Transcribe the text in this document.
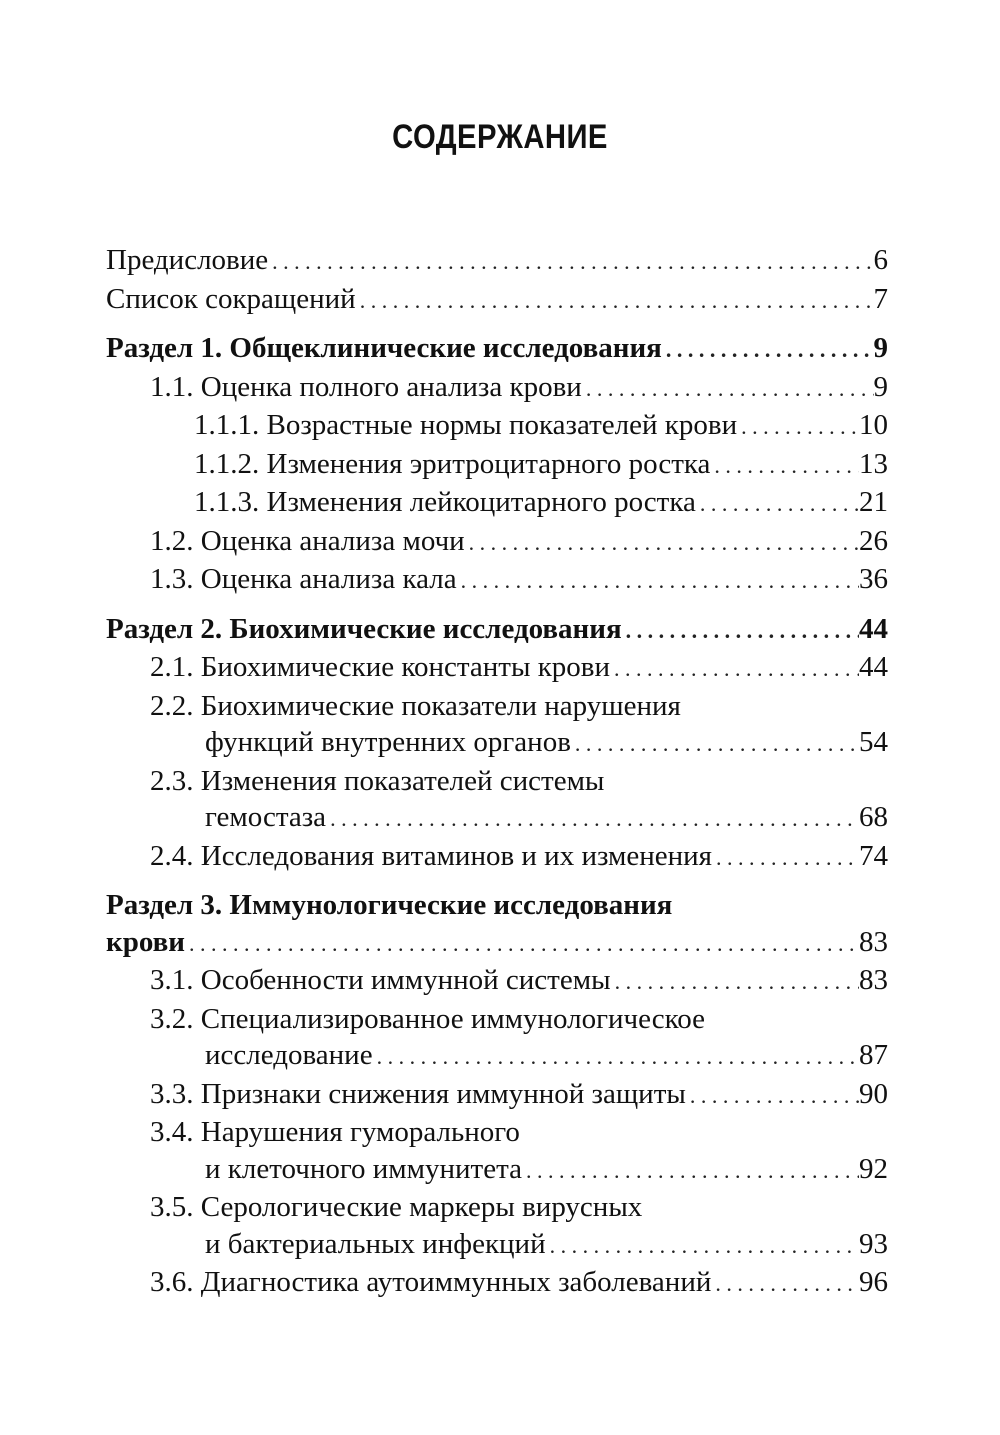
СОДЕРЖАНИЕ
Предисловие . . .	6
Список сокращений . . .	7
Раздел 1. Общеклинические исследования . . .	9
1.1. Оценка полного анализа крови . . .	9
1.1.1. Возрастные нормы показателей крови . . .	10
1.1.2. Изменения эритроцитарного ростка . . .	13
1.1.3. Изменения лейкоцитарного ростка . . .	21
1.2. Оценка анализа мочи . . .	26
1.3. Оценка анализа кала . . .	36
Раздел 2. Биохимические исследования . . .	44
2.1. Биохимические константы крови . . .	44
2.2. Биохимические показатели нарушения
функций внутренних органов . . .	54
2.3. Изменения показателей системы
гемостаза . . .	68
2.4. Исследования витаминов и их изменения . . .	74
Раздел 3. Иммунологические исследования
крови . . .	83
3.1. Особенности иммунной системы . . .	83
3.2. Специализированное иммунологическое
исследование . . .	87
3.3. Признаки снижения иммунной защиты . . .	90
3.4. Нарушения гуморального
и клеточного иммунитета . . .	92
3.5. Серологические маркеры вирусных
и бактериальных инфекций . . .	93
3.6. Диагностика аутоиммунных заболеваний . . .	96
